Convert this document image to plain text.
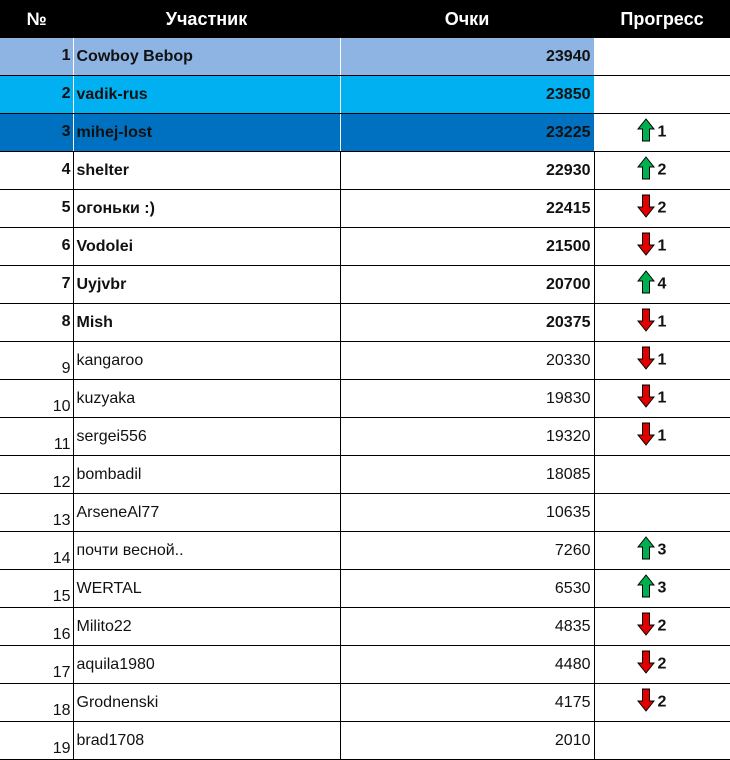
№	Участник	Очки	Прогресс
1	Cowboy Bebop	23940	
2	vadik-rus	23850	
3	mihej-lost	23225	1
4	shelter	22930	2
5	огоньки :)	22415	2
6	Vodolei	21500	1
7	Uyjvbr	20700	4
8	Mish	20375	1
9	kangaroo	20330	1
10	kuzyaka	19830	1
11	sergei556	19320	1
12	bombadil	18085	
13	ArseneAl77	10635	
14	почти весной..	7260	3
15	WERTAL	6530	3
16	Milito22	4835	2
17	aquila1980	4480	2
18	Grodnenski	4175	2
19	brad1708	2010	
